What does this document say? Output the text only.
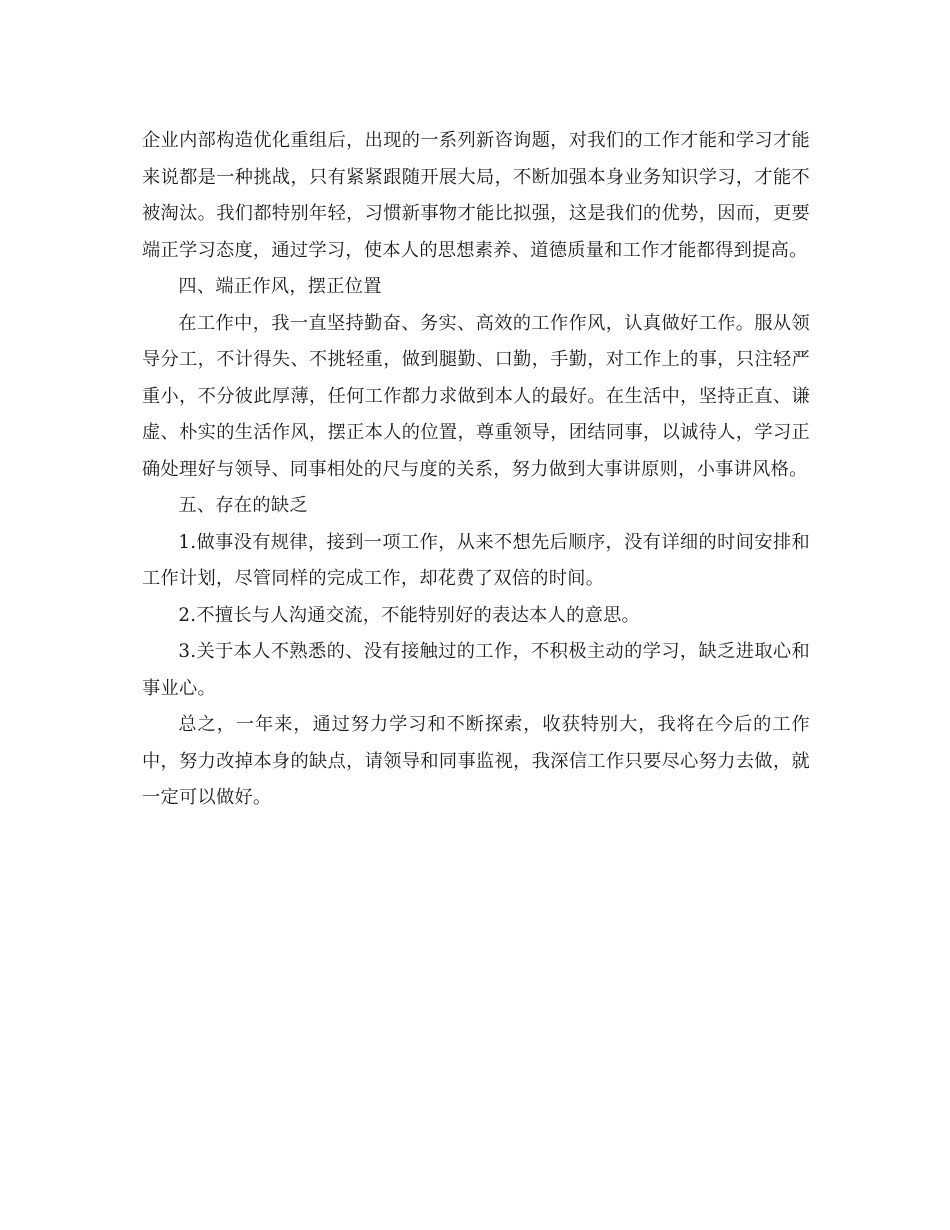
企业内部构造优化重组后，出现的一系列新咨询题，对我们的工作才能和学习才能来说都是一种挑战，只有紧紧跟随开展大局，不断加强本身业务知识学习，才能不被淘汰。我们都特别年轻，习惯新事物才能比拟强，这是我们的优势，因而，更要端正学习态度，通过学习，使本人的思想素养、道德质量和工作才能都得到提高。

四、端正作风，摆正位置

在工作中，我一直坚持勤奋、务实、高效的工作作风，认真做好工作。服从领导分工，不计得失、不挑轻重，做到腿勤、口勤，手勤，对工作上的事，只注轻严重小，不分彼此厚薄，任何工作都力求做到本人的最好。在生活中，坚持正直、谦虚、朴实的生活作风，摆正本人的位置，尊重领导，团结同事，以诚待人，学习正确处理好与领导、同事相处的尺与度的关系，努力做到大事讲原则，小事讲风格。

五、存在的缺乏

1.做事没有规律，接到一项工作，从来不想先后顺序，没有详细的时间安排和工作计划，尽管同样的完成工作，却花费了双倍的时间。

2.不擅长与人沟通交流，不能特别好的表达本人的意思。

3.关于本人不熟悉的、没有接触过的工作，不积极主动的学习，缺乏进取心和事业心。

总之，一年来，通过努力学习和不断探索，收获特别大，我将在今后的工作中，努力改掉本身的缺点，请领导和同事监视，我深信工作只要尽心努力去做，就一定可以做好。
